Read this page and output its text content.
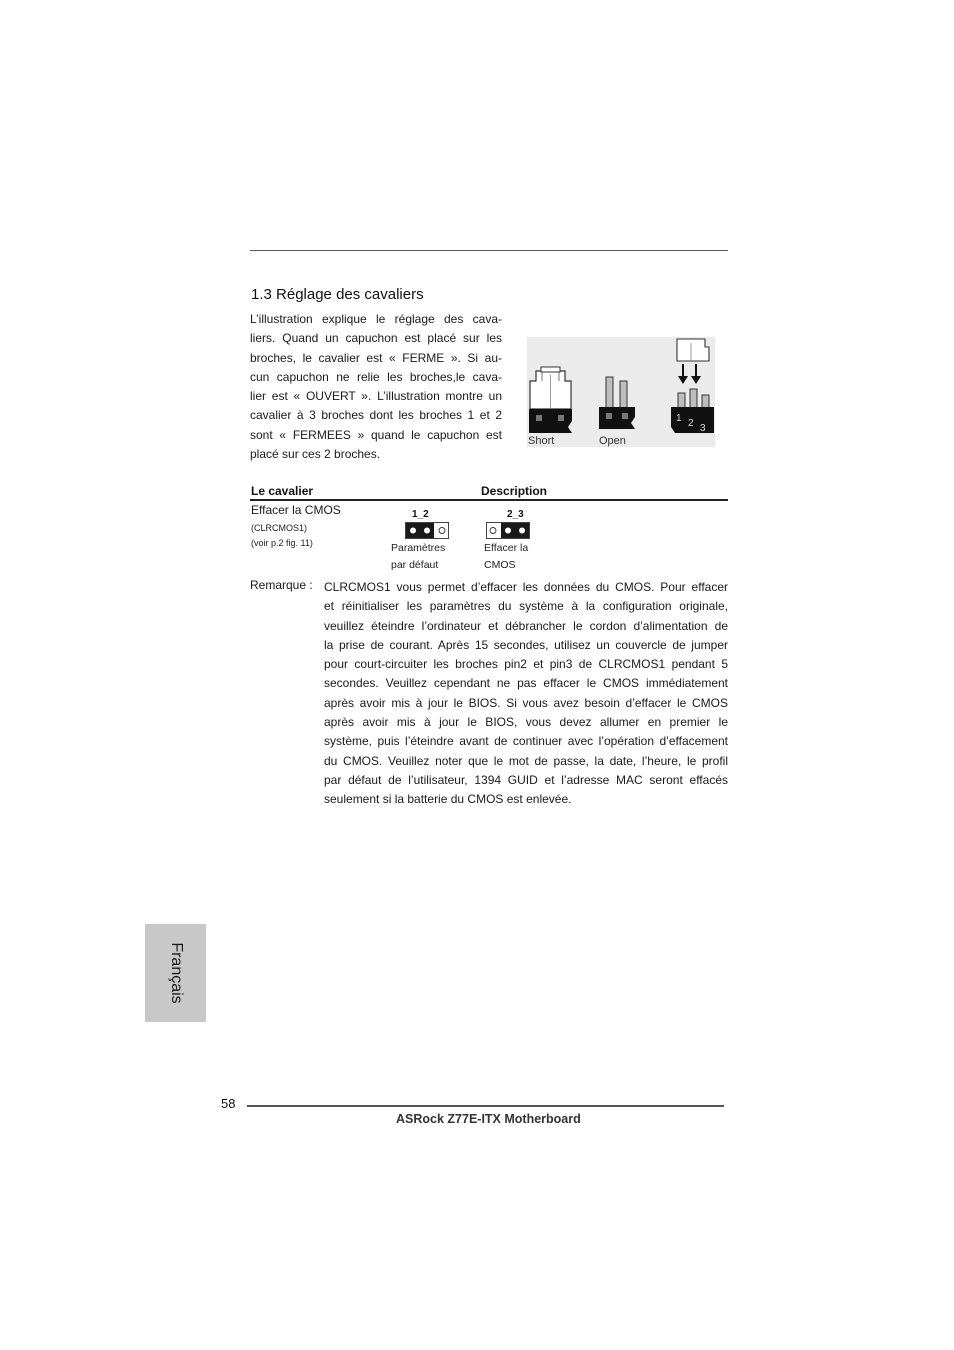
1.3 Réglage des cavaliers
L’illustration explique le réglage des cava-
liers. Quand un capuchon est placé sur les
broches, le cavalier est « FERME ». Si au-
cun capuchon ne relie les broches,le cava-
lier est « OUVERT ». L’illustration montre un
cavalier à 3 broches dont les broches 1 et 2
sont « FERMEES » quand le capuchon est
placé sur ces 2 broches.
Short	Open
1 2 3
Le cavalier	Description
Effacer la CMOS
(CLRCMOS1)
(voir p.2 fig. 11)
1_2
Paramètres
par défaut
2_3
Effacer la
CMOS
Remarque : CLRCMOS1 vous permet d’effacer les données du CMOS. Pour effacer
et réinitialiser les paramètres du système à la configuration originale,
veuillez éteindre l’ordinateur et débrancher le cordon d’alimentation de
la prise de courant. Après 15 secondes, utilisez un couvercle de jumper
pour court-circuiter les broches pin2 et pin3 de CLRCMOS1 pendant 5
secondes. Veuillez cependant ne pas effacer le CMOS immédiatement
après avoir mis à jour le BIOS. Si vous avez besoin d’effacer le CMOS
après avoir mis à jour le BIOS, vous devez allumer en premier le
système, puis l’éteindre avant de continuer avec l’opération d’effacement
du CMOS. Veuillez noter que le mot de passe, la date, l’heure, le profil
par défaut de l’utilisateur, 1394 GUID et l’adresse MAC seront effacés
seulement si la batterie du CMOS est enlevée.
Français
58
ASRock Z77E-ITX Motherboard
